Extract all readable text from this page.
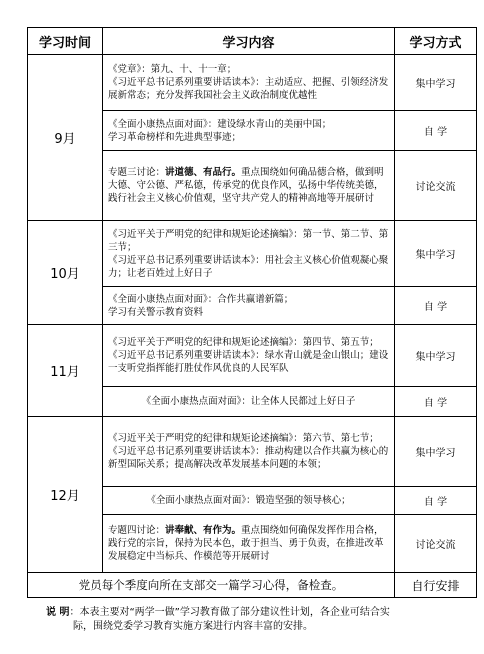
学习时间	学习内容	学习方式
9月	《党章》：第九、十、十一章；

《习近平总书记系列重要讲话读本》：主动适应、把握、引领经济发展新常态；充分发挥我国社会主义政治制度优越性	集中学习

	《全面小康热点面对面》：建设绿水青山的美丽中国；

学习革命榜样和先进典型事迹；	自 学

	专题三讨论：讲道德、有品行。重点围绕如何确品德合格，做到明大德、守公德、严私德，传承党的优良作风，弘扬中华传统美德，践行社会主义核心价值观，坚守共产党人的精神高地等开展研讨	讨论交流
10月	《习近平关于严明党的纪律和规矩论述摘编》：第一节、第二节、第三节；

《习近平总书记系列重要讲话读本》：用社会主义核心价值观凝心聚力；让老百姓过上好日子	集中学习

	《全面小康热点面对面》：合作共赢谱新篇；

学习有关警示教育资料	自 学
11月	《习近平关于严明党的纪律和规矩论述摘编》：第四节、第五节；

《习近平总书记系列重要讲话读本》：绿水青山就是金山银山；建设一支听党指挥能打胜仗作风优良的人民军队	集中学习

	《全面小康热点面对面》：让全体人民都过上好日子	自 学
12月	《习近平关于严明党的纪律和规矩论述摘编》：第六节、第七节；

《习近平总书记系列重要讲话读本》：推动构建以合作共赢为核心的新型国际关系；提高解决改革发展基本问题的本领；	集中学习

	《全面小康热点面对面》：锻造坚强的领导核心；	自 学

	专题四讨论：讲奉献、有作为。重点围绕如何确保发挥作用合格，践行党的宗旨，保持为民本色，敢于担当、勇于负责，在推进改革发展稳定中当标兵、作模范等开展研讨	讨论交流
党员每个季度向所在支部交一篇学习心得，备检查。		自行安排
说 明：本表主要对“两学一做”学习教育做了部分建议性计划，各企业可结合实
际，围绕党委学习教育实施方案进行内容丰富的安排。
